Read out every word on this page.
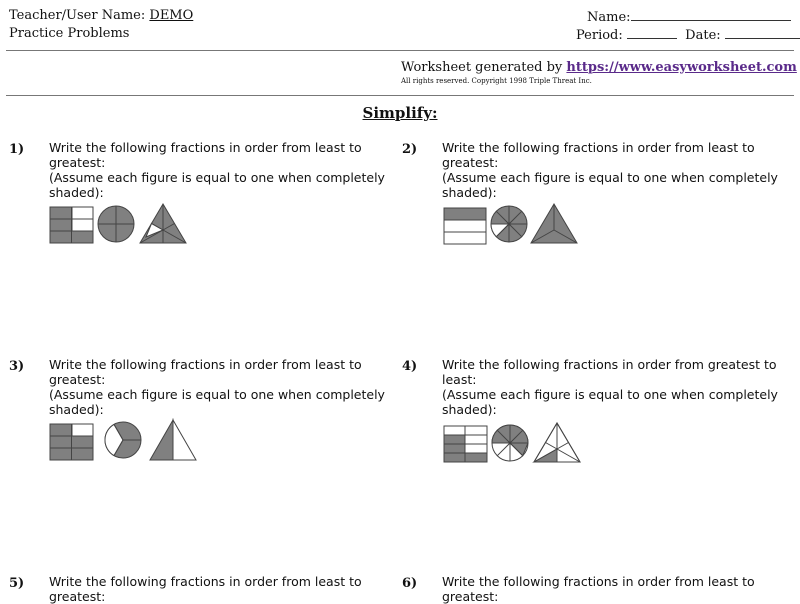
Teacher/User Name: DEMO
Practice Problems
Name:
Period:	Date:
Worksheet generated by https://www.easyworksheet.com
All rights reserved. Copyright 1998 Triple Threat Inc.
Simplify:
1) Write the following fractions in order from least to greatest:
(Assume each figure is equal to one when completely shaded):
2) Write the following fractions in order from least to greatest:
(Assume each figure is equal to one when completely shaded):
3) Write the following fractions in order from least to greatest:
(Assume each figure is equal to one when completely shaded):
4) Write the following fractions in order from greatest to least:
(Assume each figure is equal to one when completely shaded):
5) Write the following fractions in order from least to greatest:
6) Write the following fractions in order from least to greatest:
